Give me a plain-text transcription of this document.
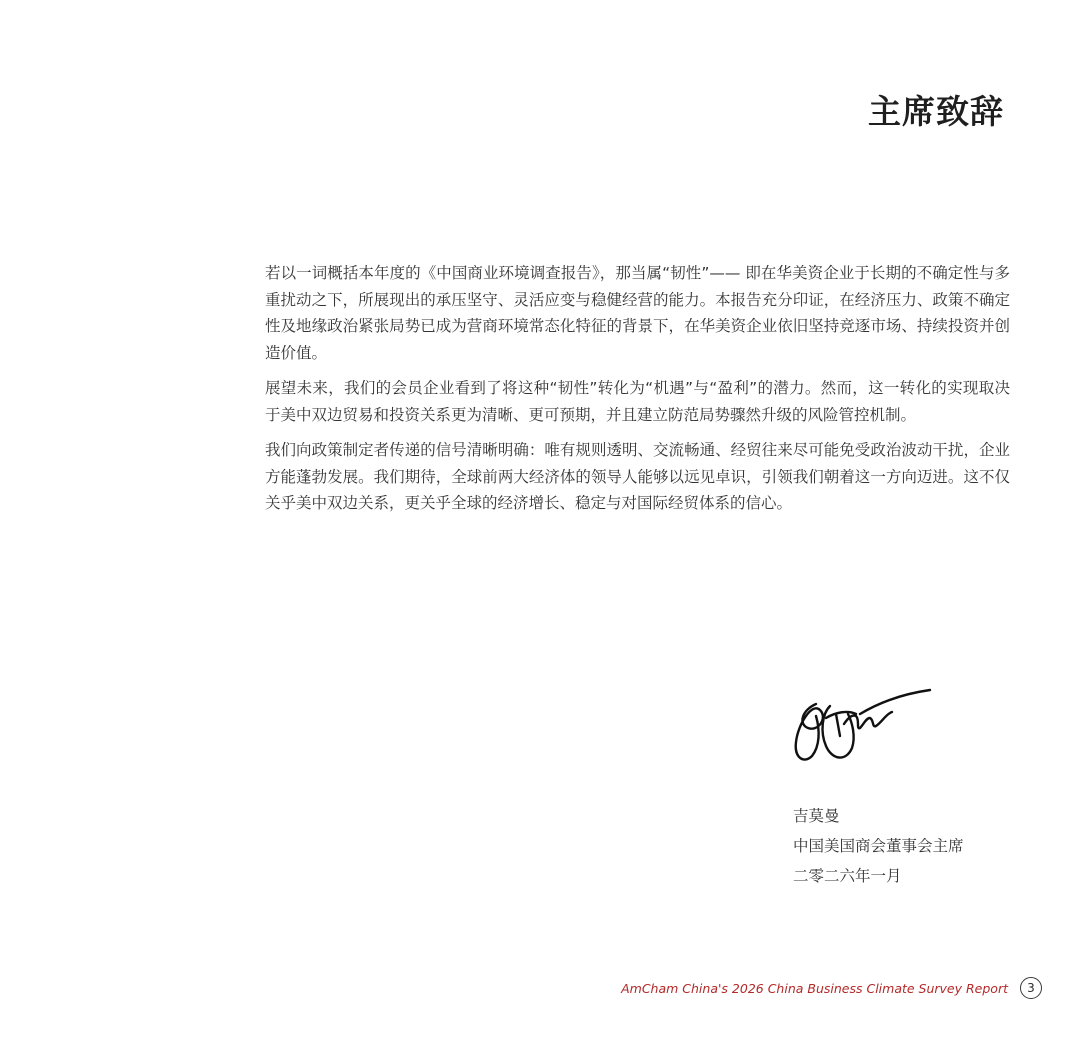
主席致辞

若以一词概括本年度的《中国商业环境调查报告》，那当属“韧性”—— 即在华美资企业于长期的不确定性与多重扰动之下，所展现出的承压坚守、灵活应变与稳健经营的能力。本报告充分印证，在经济压力、政策不确定性及地缘政治紧张局势已成为营商环境常态化特征的背景下，在华美资企业依旧坚持竞逐市场、持续投资并创造价值。

展望未来，我们的会员企业看到了将这种“韧性”转化为“机遇”与“盈利”的潜力。然而，这一转化的实现取决于美中双边贸易和投资关系更为清晰、更可预期，并且建立防范局势骤然升级的风险管控机制。

我们向政策制定者传递的信号清晰明确：唯有规则透明、交流畅通、经贸往来尽可能免受政治波动干扰，企业方能蓬勃发展。我们期待，全球前两大经济体的领导人能够以远见卓识，引领我们朝着这一方向迈进。这不仅关乎美中双边关系，更关乎全球的经济增长、稳定与对国际经贸体系的信心。

吉莫曼
中国美国商会董事会主席
二零二六年一月
AmCham China's 2026 China Business Climate Survey Report	3
